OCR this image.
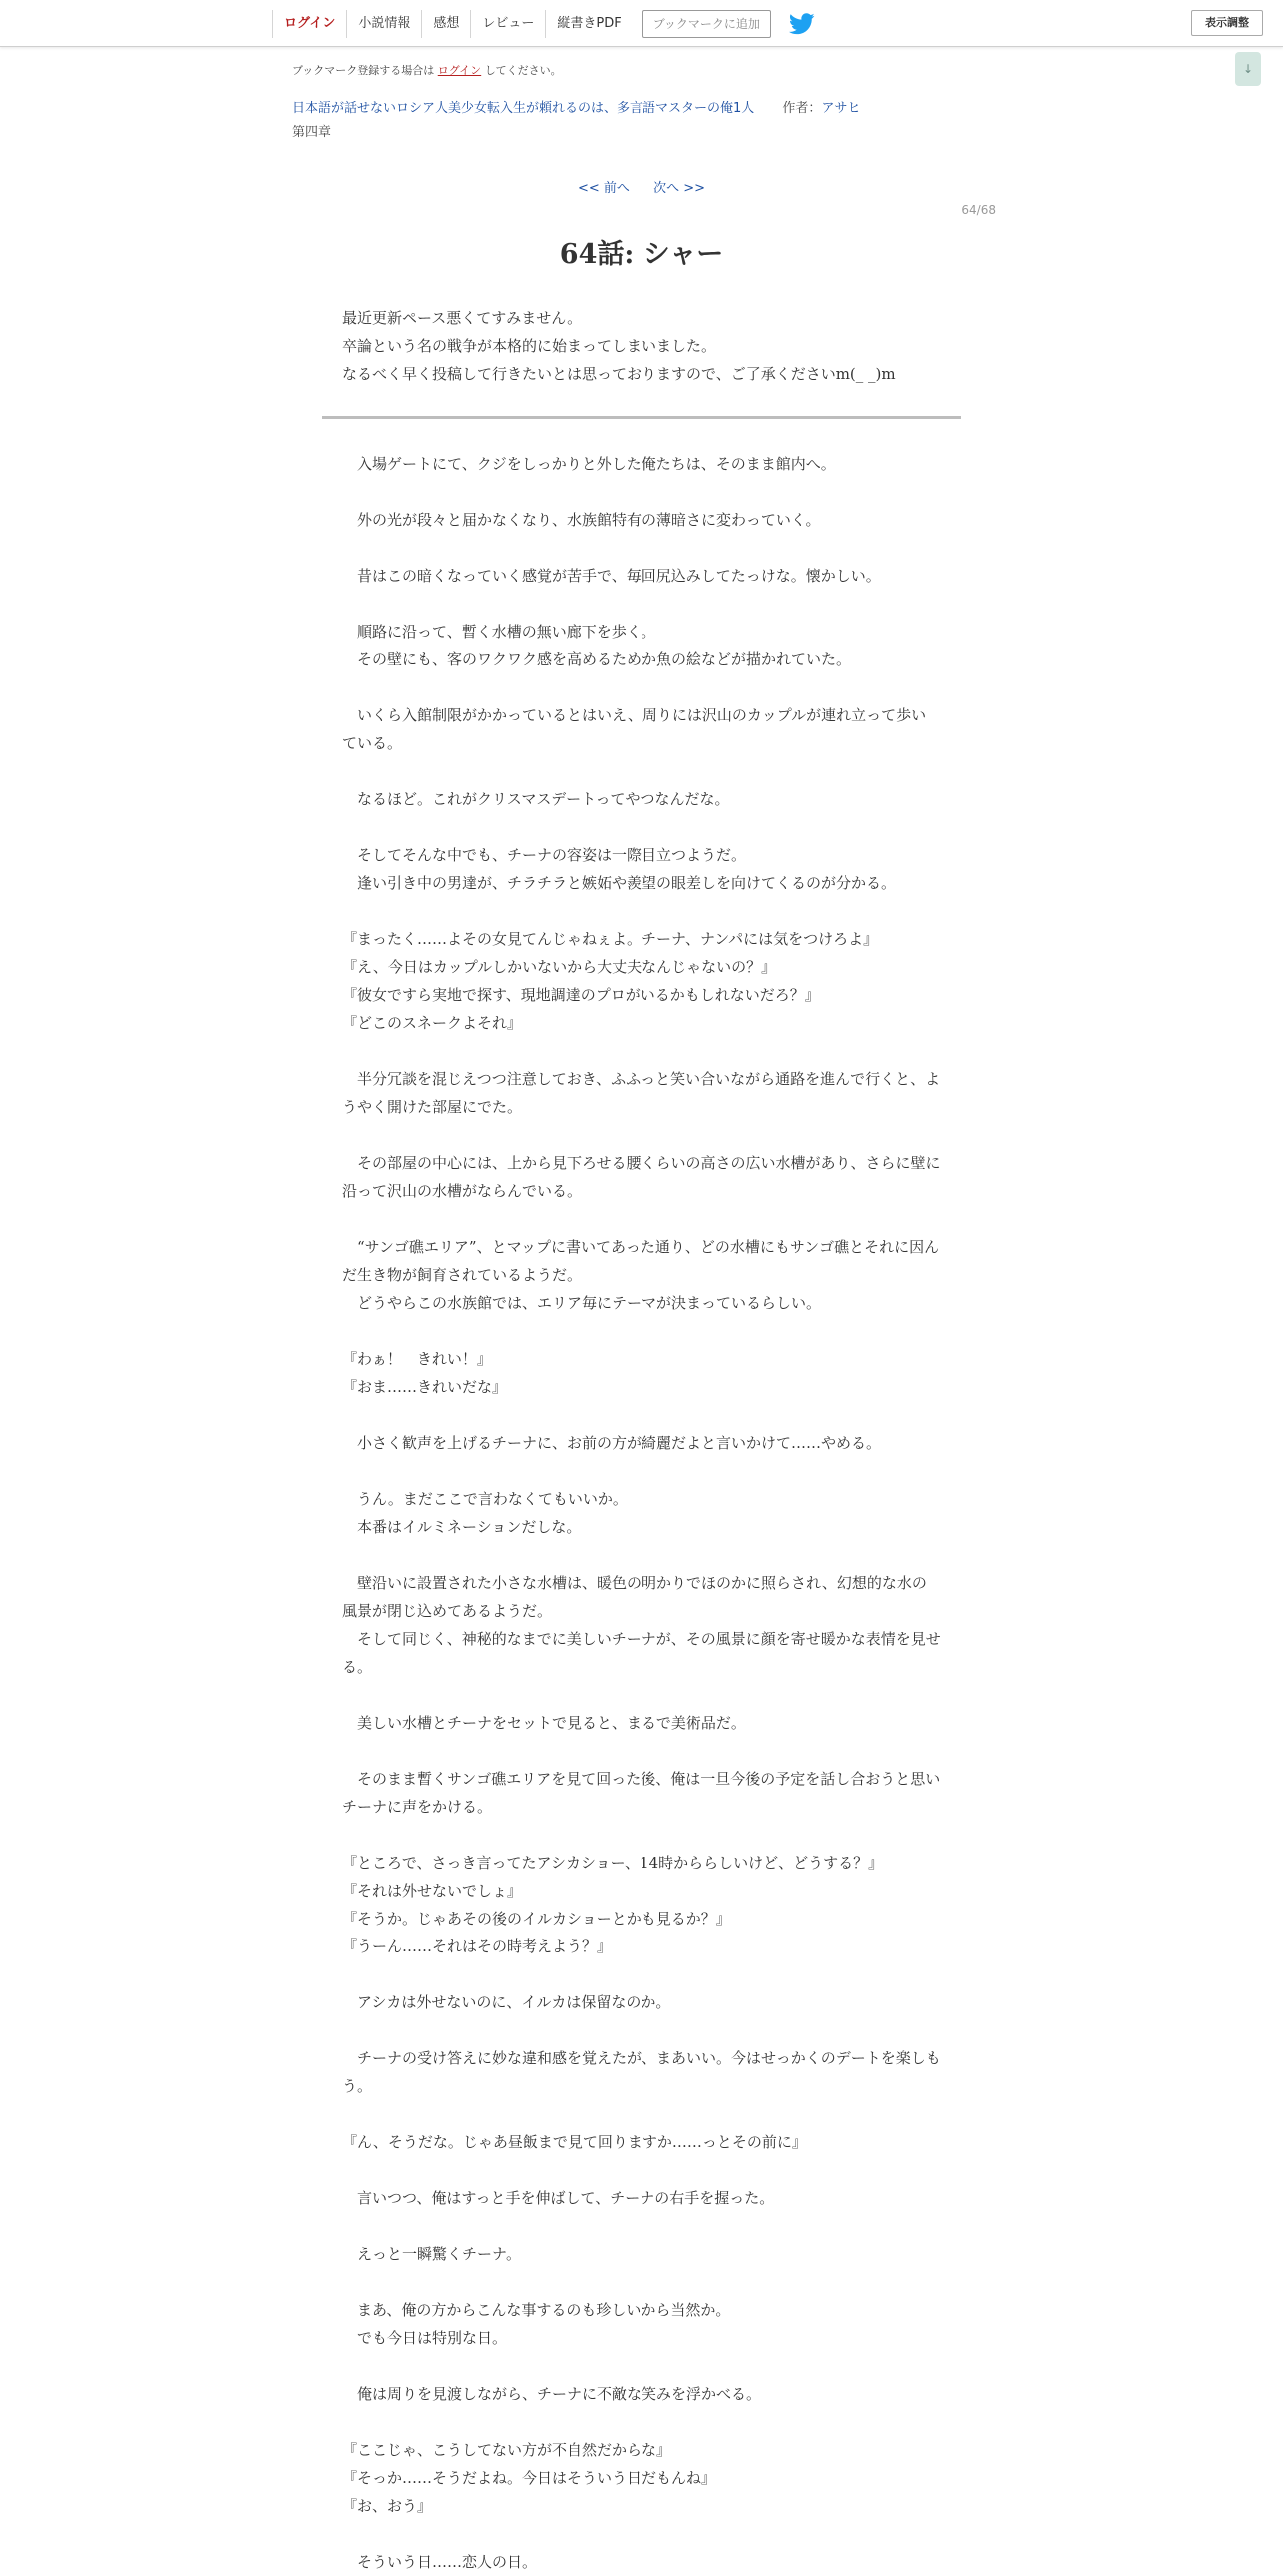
ログイン	小説情報	感想	レビュー	縦書きPDF	ブックマークに追加	表示調整
↓
ブックマーク登録する場合は ログイン してください。
日本語が話せないロシア人美少女転入生が頼れるのは、多言語マスターの俺1人 作者：アサヒ
第四章
<< 前へ 次へ >>
64/68
64話: シャー
最近更新ペース悪くてすみません。
卒論という名の戦争が本格的に始まってしまいました。
なるべく早く投稿して行きたいとは思っておりますので、ご了承くださいm(_ _)m
　入場ゲートにて、クジをしっかりと外した俺たちは、そのまま館内へ。
　外の光が段々と届かなくなり、水族館特有の薄暗さに変わっていく。
　昔はこの暗くなっていく感覚が苦手で、毎回尻込みしてたっけな。懐かしい。
　順路に沿って、暫く水槽の無い廊下を歩く。
　その壁にも、客のワクワク感を高めるためか魚の絵などが描かれていた。
　いくら入館制限がかかっているとはいえ、周りには沢山のカップルが連れ立って歩いている。
　なるほど。これがクリスマスデートってやつなんだな。
　そしてそんな中でも、チーナの容姿は一際目立つようだ。
　逢い引き中の男達が、チラチラと嫉妬や羨望の眼差しを向けてくるのが分かる。
『まったく……よその女見てんじゃねぇよ。チーナ、ナンパには気をつけろよ』
『え、今日はカップルしかいないから大丈夫なんじゃないの？』
『彼女ですら実地で探す、現地調達のプロがいるかもしれないだろ？』
『どこのスネークよそれ』
　半分冗談を混じえつつ注意しておき、ふふっと笑い合いながら通路を進んで行くと、ようやく開けた部屋にでた。
　その部屋の中心には、上から見下ろせる腰くらいの高さの広い水槽があり、さらに壁に沿って沢山の水槽がならんでいる。
　“サンゴ礁エリア”、とマップに書いてあった通り、どの水槽にもサンゴ礁とそれに因んだ生き物が飼育されているようだ。
　どうやらこの水族館では、エリア毎にテーマが決まっているらしい。
『わぁ！　きれい！』
『おま……きれいだな』
　小さく歓声を上げるチーナに、お前の方が綺麗だよと言いかけて……やめる。
　うん。まだここで言わなくてもいいか。
　本番はイルミネーションだしな。
　壁沿いに設置された小さな水槽は、暖色の明かりでほのかに照らされ、幻想的な水の風景が閉じ込めてあるようだ。
　そして同じく、神秘的なまでに美しいチーナが、その風景に顔を寄せ暖かな表情を見せる。
　美しい水槽とチーナをセットで見ると、まるで美術品だ。
　そのまま暫くサンゴ礁エリアを見て回った後、俺は一旦今後の予定を話し合おうと思いチーナに声をかける。
『ところで、さっき言ってたアシカショー、14時かららしいけど、どうする？』
『それは外せないでしょ』
『そうか。じゃあその後のイルカショーとかも見るか？』
『うーん……それはその時考えよう？』
　アシカは外せないのに、イルカは保留なのか。
　チーナの受け答えに妙な違和感を覚えたが、まあいい。今はせっかくのデートを楽しもう。
『ん、そうだな。じゃあ昼飯まで見て回りますか……っとその前に』
　言いつつ、俺はすっと手を伸ばして、チーナの右手を握った。
　えっと一瞬驚くチーナ。
　まあ、俺の方からこんな事するのも珍しいから当然か。
　でも今日は特別な日。
　俺は周りを見渡しながら、チーナに不敵な笑みを浮かべる。
『ここじゃ、こうしてない方が不自然だからな』
『そっか……そうだよね。今日はそういう日だもんね』
『お、おう』
　そういう日……恋人の日。
